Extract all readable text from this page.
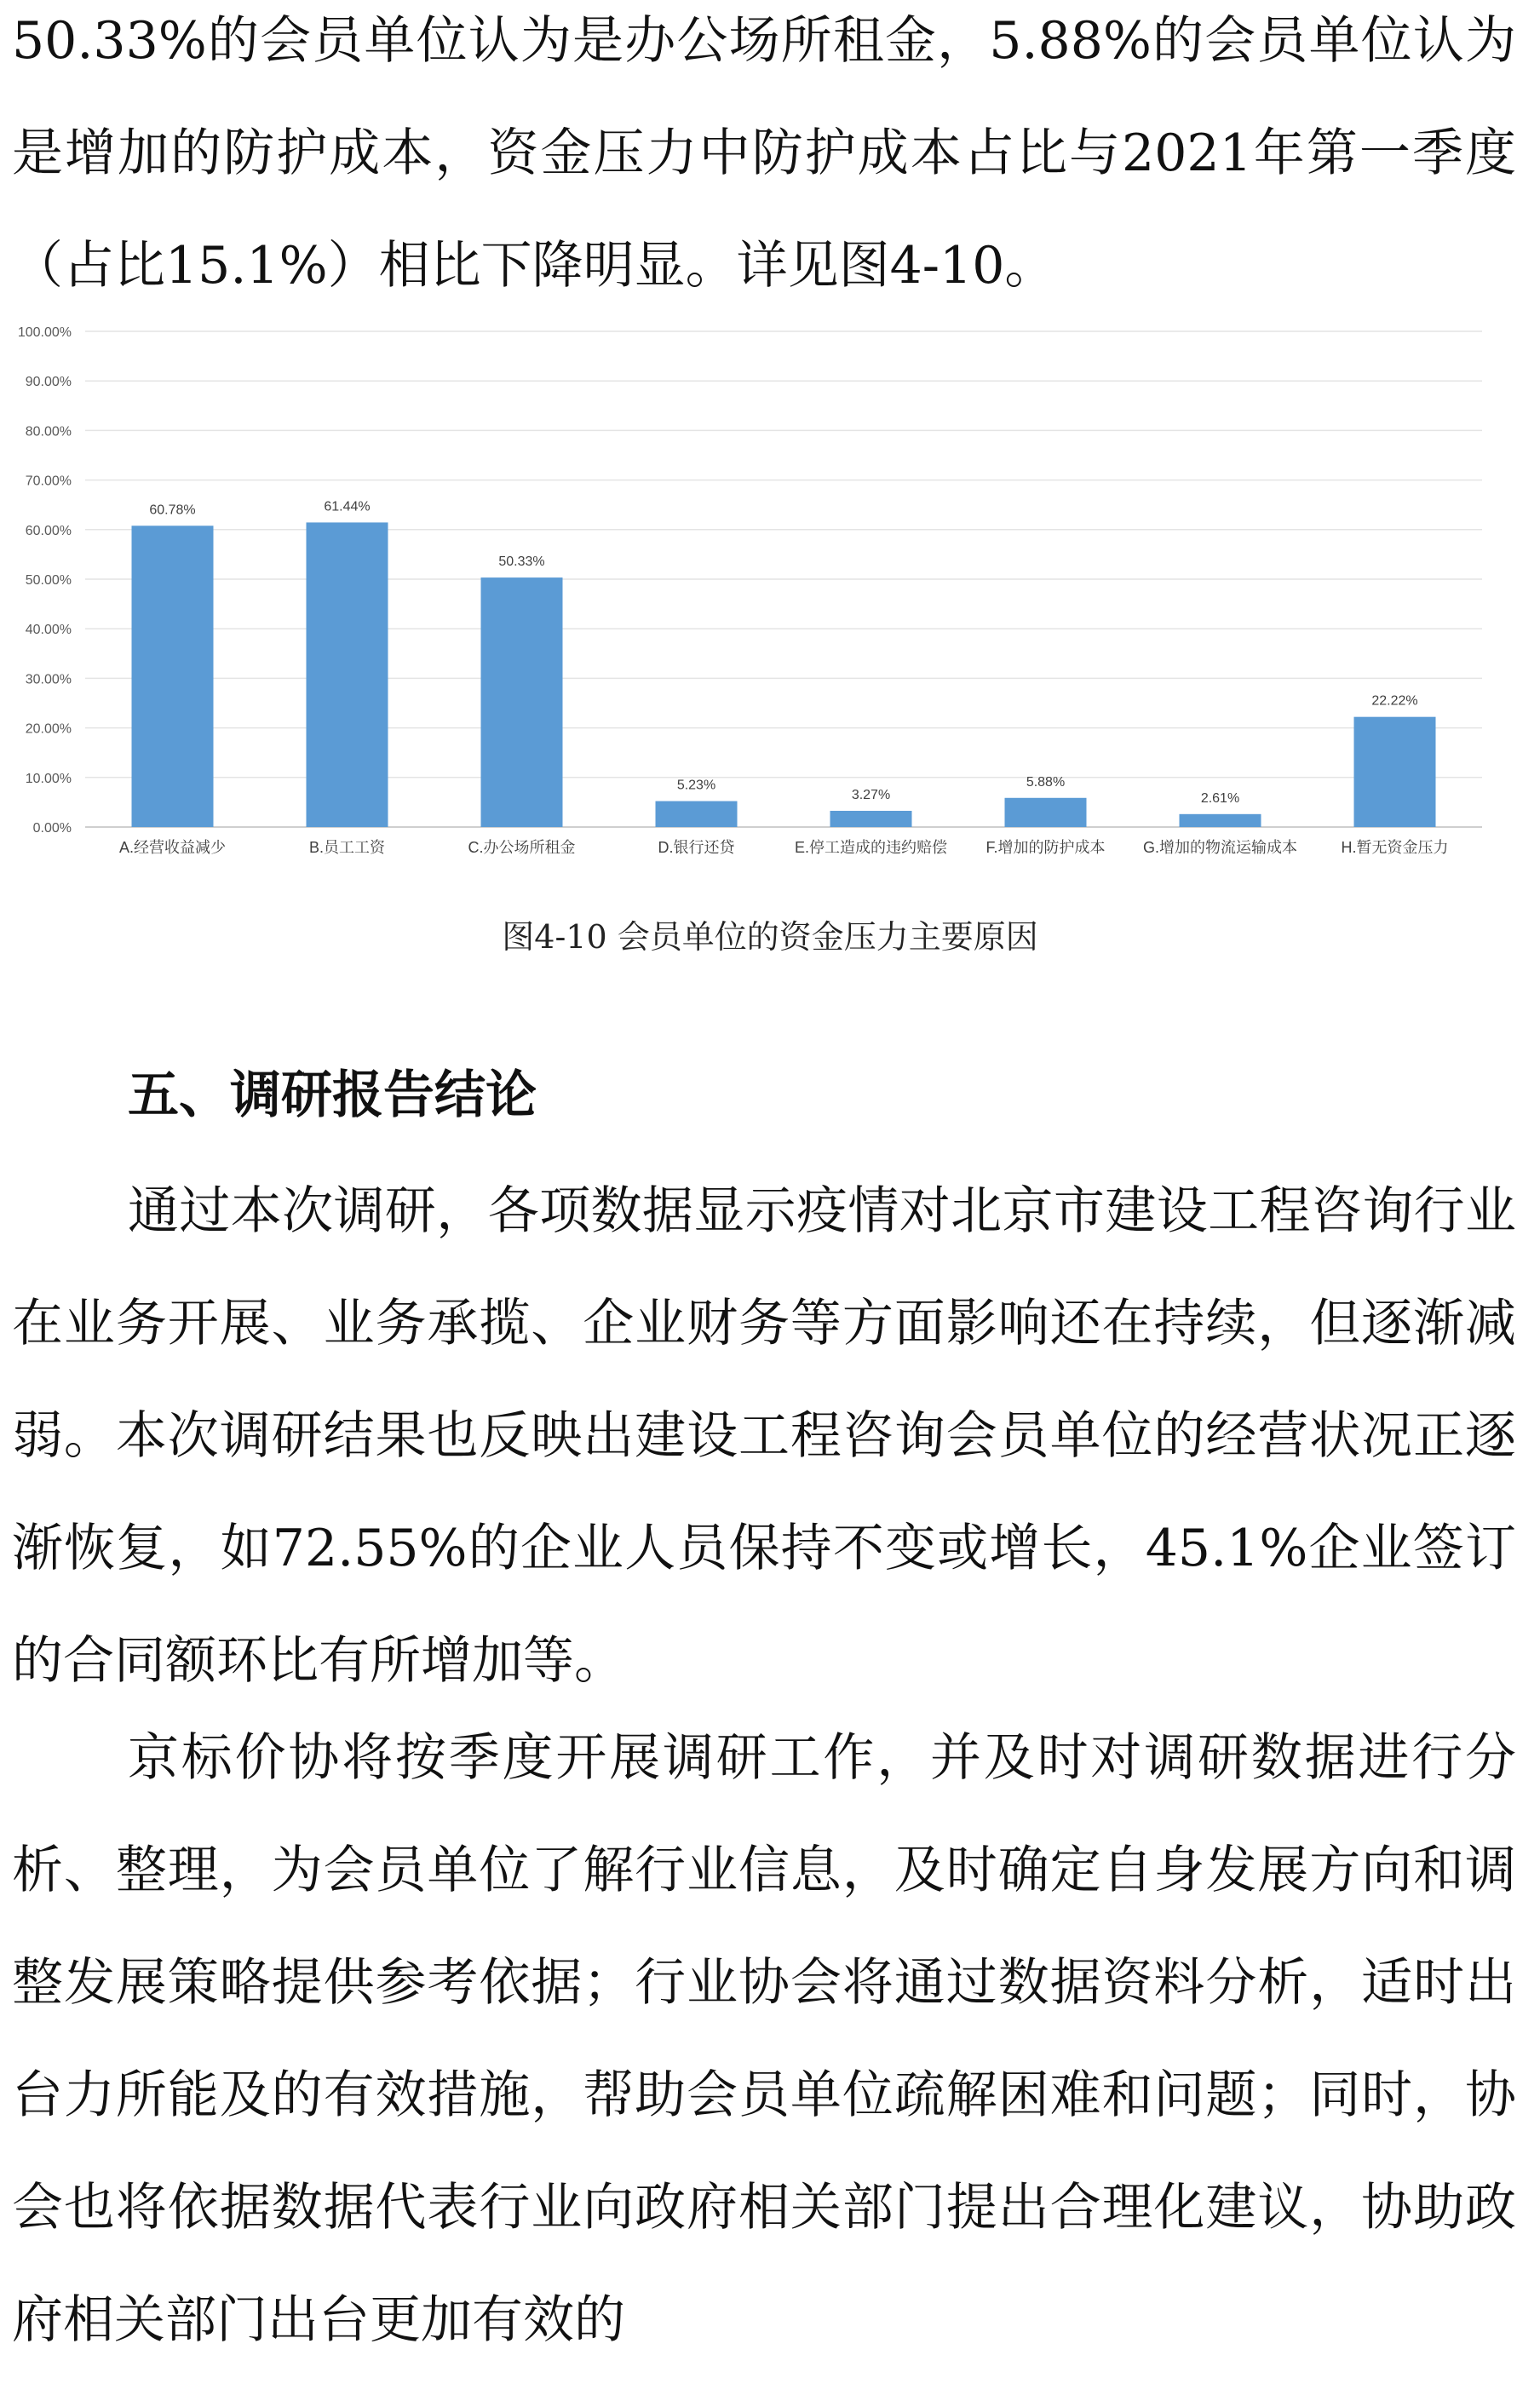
50.33%的会员单位认为是办公场所租金，5.88%的会员单位认为是增加的防护成本，资金压力中防护成本占比与2021年第一季度（占比15.1%）相比下降明显。详见图4-10。

0.00%
10.00%
20.00%
30.00%
40.00%
50.00%
60.00%
70.00%
80.00%
90.00%
100.00%
60.78%	61.44%
50.33%
5.23%
3.27%
5.88%
2.61%
22.22%
A.经营收益减少	B.员工工资	C.办公场所租金	D.银行还贷	E.停工造成的违约赔偿	F.增加的防护成本 G.增加的物流运输成本	H.暂无资金压力

图4-10 会员单位的资金压力主要原因

五、调研报告结论

通过本次调研，各项数据显示疫情对北京市建设工程咨询行业在业务开展、业务承揽、企业财务等方面影响还在持续，但逐渐减弱。本次调研结果也反映出建设工程咨询会员单位的经营状况正逐渐恢复，如72.55%的企业人员保持不变或增长，45.1%企业签订的合同额环比有所增加等。

京标价协将按季度开展调研工作，并及时对调研数据进行分析、整理，为会员单位了解行业信息，及时确定自身发展方向和调整发展策略提供参考依据；行业协会将通过数据资料分析，适时出台力所能及的有效措施，帮助会员单位疏解困难和问题；同时，协会也将依据数据代表行业向政府相关部门提出合理化建议，协助政府相关部门出台更加有效的
